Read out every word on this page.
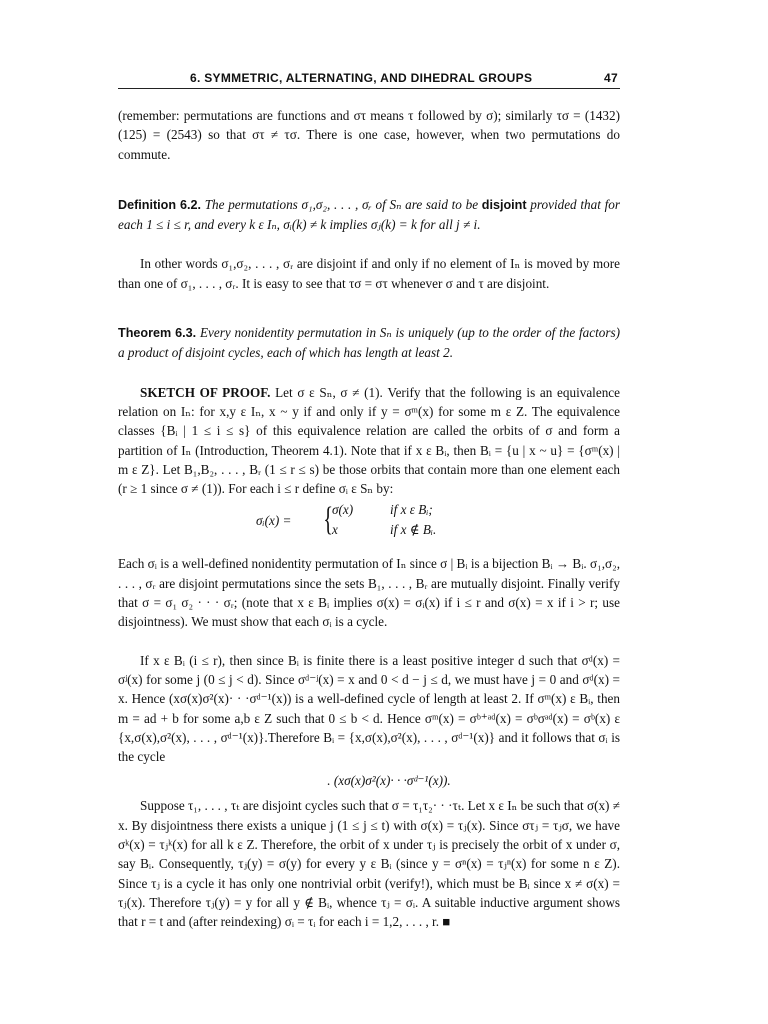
6. SYMMETRIC, ALTERNATING, AND DIHEDRAL GROUPS	47

(remember: permutations are functions and στ means τ followed by σ); similarly τσ = (1432)(125) = (2543) so that στ ≠ τσ. There is one case, however, when two permutations do commute.

Definition 6.2. The permutations σ₁,σ₂, . . . , σᵣ of Sₙ are said to be disjoint provided that for each 1 ≤ i ≤ r, and every k ε Iₙ, σᵢ(k) ≠ k implies σⱼ(k) = k for all j ≠ i.

In other words σ₁,σ₂, . . . , σᵣ are disjoint if and only if no element of Iₙ is moved by more than one of σ₁, . . . , σᵣ. It is easy to see that τσ = στ whenever σ and τ are disjoint.

Theorem 6.3. Every nonidentity permutation in Sₙ is uniquely (up to the order of the factors) a product of disjoint cycles, each of which has length at least 2.

SKETCH OF PROOF. Let σ ε Sₙ, σ ≠ (1). Verify that the following is an equivalence relation on Iₙ: for x,y ε Iₙ, x ~ y if and only if y = σᵐ(x) for some m ε Z. The equivalence classes {Bᵢ | 1 ≤ i ≤ s} of this equivalence relation are called the orbits of σ and form a partition of Iₙ (Introduction, Theorem 4.1). Note that if x ε Bᵢ, then Bᵢ = {u | x ~ u} = {σᵐ(x) | m ε Z}. Let B₁,B₂, . . . , Bᵣ (1 ≤ r ≤ s) be those orbits that contain more than one element each (r ≥ 1 since σ ≠ (1)). For each i ≤ r define σᵢ ε Sₙ by:

σᵢ(x) = {
σ(x)	if x ε Bᵢ;
x	if x ∉ Bᵢ.

Each σᵢ is a well-defined nonidentity permutation of Iₙ since σ | Bᵢ is a bijection Bᵢ → Bᵢ. σ₁,σ₂, . . . , σᵣ are disjoint permutations since the sets B₁, . . . , Bᵣ are mutually disjoint. Finally verify that σ = σ₁ σ₂ · · · σᵣ; (note that x ε Bᵢ implies σ(x) = σᵢ(x) if i ≤ r and σ(x) = x if i > r; use disjointness). We must show that each σᵢ is a cycle.

If x ε Bᵢ (i ≤ r), then since Bᵢ is finite there is a least positive integer d such that σᵈ(x) = σʲ(x) for some j (0 ≤ j < d). Since σᵈ⁻ʲ(x) = x and 0 < d − j ≤ d, we must have j = 0 and σᵈ(x) = x. Hence (xσ(x)σ²(x)· · ·σᵈ⁻¹(x)) is a well-defined cycle of length at least 2. If σᵐ(x) ε Bᵢ, then m = ad + b for some a,b ε Z such that 0 ≤ b < d. Hence σᵐ(x) = σᵇ⁺ᵃᵈ(x) = σᵇσᵃᵈ(x) = σᵇ(x) ε {x,σ(x),σ²(x), . . . , σᵈ⁻¹(x)}.Therefore Bᵢ = {x,σ(x),σ²(x), . . . , σᵈ⁻¹(x)} and it follows that σᵢ is the cycle

. (xσ(x)σ²(x)· · ·σᵈ⁻¹(x)).

Suppose τ₁, . . . , τₜ are disjoint cycles such that σ = τ₁τ₂· · ·τₜ. Let x ε Iₙ be such that σ(x) ≠ x. By disjointness there exists a unique j (1 ≤ j ≤ t) with σ(x) = τⱼ(x). Since στⱼ = τⱼσ, we have σᵏ(x) = τⱼᵏ(x) for all k ε Z. Therefore, the orbit of x under τⱼ is precisely the orbit of x under σ, say Bᵢ. Consequently, τⱼ(y) = σ(y) for every y ε Bᵢ (since y = σⁿ(x) = τⱼⁿ(x) for some n ε Z). Since τⱼ is a cycle it has only one nontrivial orbit (verify!), which must be Bᵢ since x ≠ σ(x) = τⱼ(x). Therefore τⱼ(y) = y for all y ∉ Bᵢ, whence τⱼ = σᵢ. A suitable inductive argument shows that r = t and (after reindexing) σᵢ = τᵢ for each i = 1,2, . . . , r. ■
